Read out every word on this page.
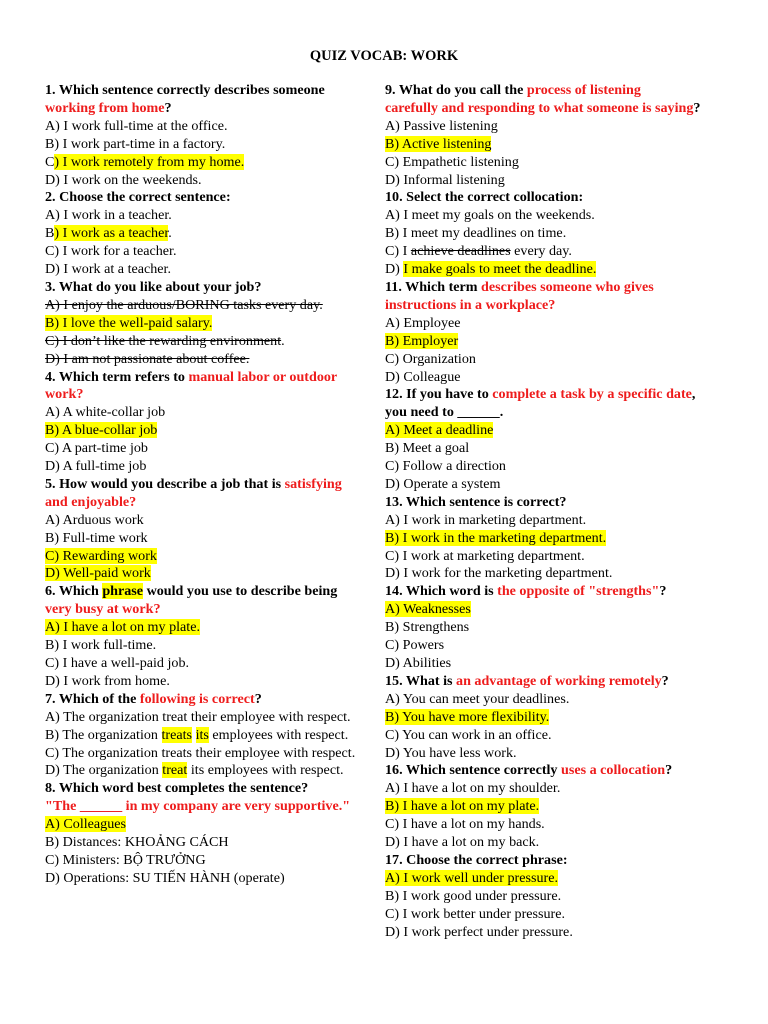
QUIZ VOCAB: WORK
1. Which sentence correctly describes someone
working from home?
A) I work full-time at the office.
B) I work part-time in a factory.
C) I work remotely from my home.
D) I work on the weekends.
2. Choose the correct sentence:
A) I work in a teacher.
B) I work as a teacher.
C) I work for a teacher.
D) I work at a teacher.
3. What do you like about your job?
A) I enjoy the arduous/BORING tasks every day.
B) I love the well-paid salary.
C) I don’t like the rewarding environment.
D) I am not passionate about coffee.
4. Which term refers to manual labor or outdoor
work?
A) A white-collar job
B) A blue-collar job
C) A part-time job
D) A full-time job
5. How would you describe a job that is satisfying
and enjoyable?
A) Arduous work
B) Full-time work
C) Rewarding work
D) Well-paid work
6. Which phrase would you use to describe being
very busy at work?
A) I have a lot on my plate.
B) I work full-time.
C) I have a well-paid job.
D) I work from home.
7. Which of the following is correct?
A) The organization treat their employee with respect.
B) The organization treats its employees with respect.
C) The organization treats their employee with respect.
D) The organization treat its employees with respect.
8. Which word best completes the sentence?
"The ______ in my company are very supportive."
A) Colleagues
B) Distances: KHOẢNG CÁCH
C) Ministers: BỘ TRƯỞNG
D) Operations: SU TIẾN HÀNH (operate)
9. What do you call the process of listening
carefully and responding to what someone is saying?
A) Passive listening
B) Active listening
C) Empathetic listening
D) Informal listening
10. Select the correct collocation:
A) I meet my goals on the weekends.
B) I meet my deadlines on time.
C) I achieve deadlines every day.
D) I make goals to meet the deadline.
11. Which term describes someone who gives
instructions in a workplace?
A) Employee
B) Employer
C) Organization
D) Colleague
12. If you have to complete a task by a specific date,
you need to ______.
A) Meet a deadline
B) Meet a goal
C) Follow a direction
D) Operate a system
13. Which sentence is correct?
A) I work in marketing department.
B) I work in the marketing department.
C) I work at marketing department.
D) I work for the marketing department.
14. Which word is the opposite of "strengths"?
A) Weaknesses
B) Strengthens
C) Powers
D) Abilities
15. What is an advantage of working remotely?
A) You can meet your deadlines.
B) You have more flexibility.
C) You can work in an office.
D) You have less work.
16. Which sentence correctly uses a collocation?
A) I have a lot on my shoulder.
B) I have a lot on my plate.
C) I have a lot on my hands.
D) I have a lot on my back.
17. Choose the correct phrase:
A) I work well under pressure.
B) I work good under pressure.
C) I work better under pressure.
D) I work perfect under pressure.
